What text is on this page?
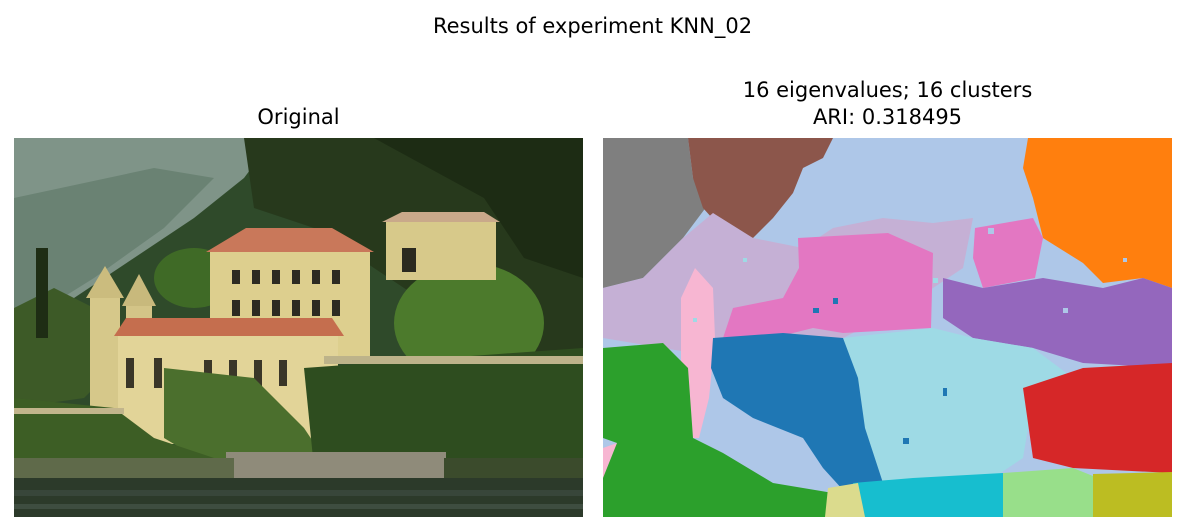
Results of experiment KNN_02
Original
16 eigenvalues; 16 clusters
ARI: 0.318495
